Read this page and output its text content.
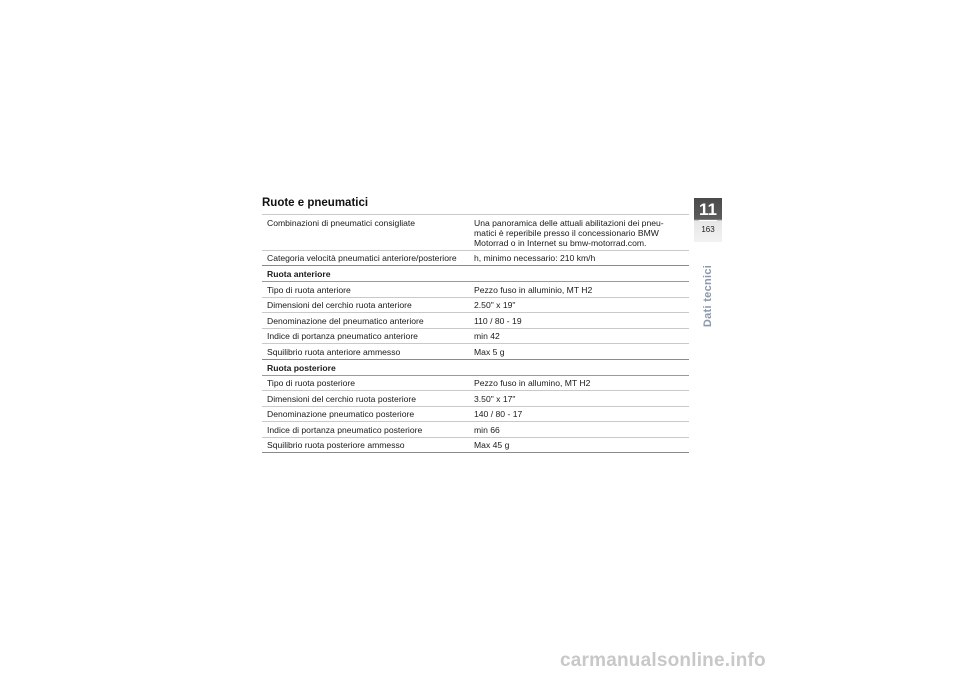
Ruote e pneumatici
Combinazioni di pneumatici consigliate	Una panoramica delle attuali abilitazioni dei pneu-matici è reperibile presso il concessionario BMW Motorrad o in Internet su bmw-motorrad.com.
Categoria velocità pneumatici anteriore/posteriore	h, minimo necessario: 210 km/h
Ruota anteriore	
Tipo di ruota anteriore	Pezzo fuso in alluminio, MT H2
Dimensioni del cerchio ruota anteriore	2.50" x 19"
Denominazione del pneumatico anteriore	110 / 80 - 19
Indice di portanza pneumatico anteriore	min 42
Squilibrio ruota anteriore ammesso	Max 5 g
Ruota posteriore	
Tipo di ruota posteriore	Pezzo fuso in allumino, MT H2
Dimensioni del cerchio ruota posteriore	3.50" x 17"
Denominazione pneumatico posteriore	140 / 80 - 17
Indice di portanza pneumatico posteriore	min 66
Squilibrio ruota posteriore ammesso	Max 45 g
11
163
Dati tecnici
carmanualsonline.info
